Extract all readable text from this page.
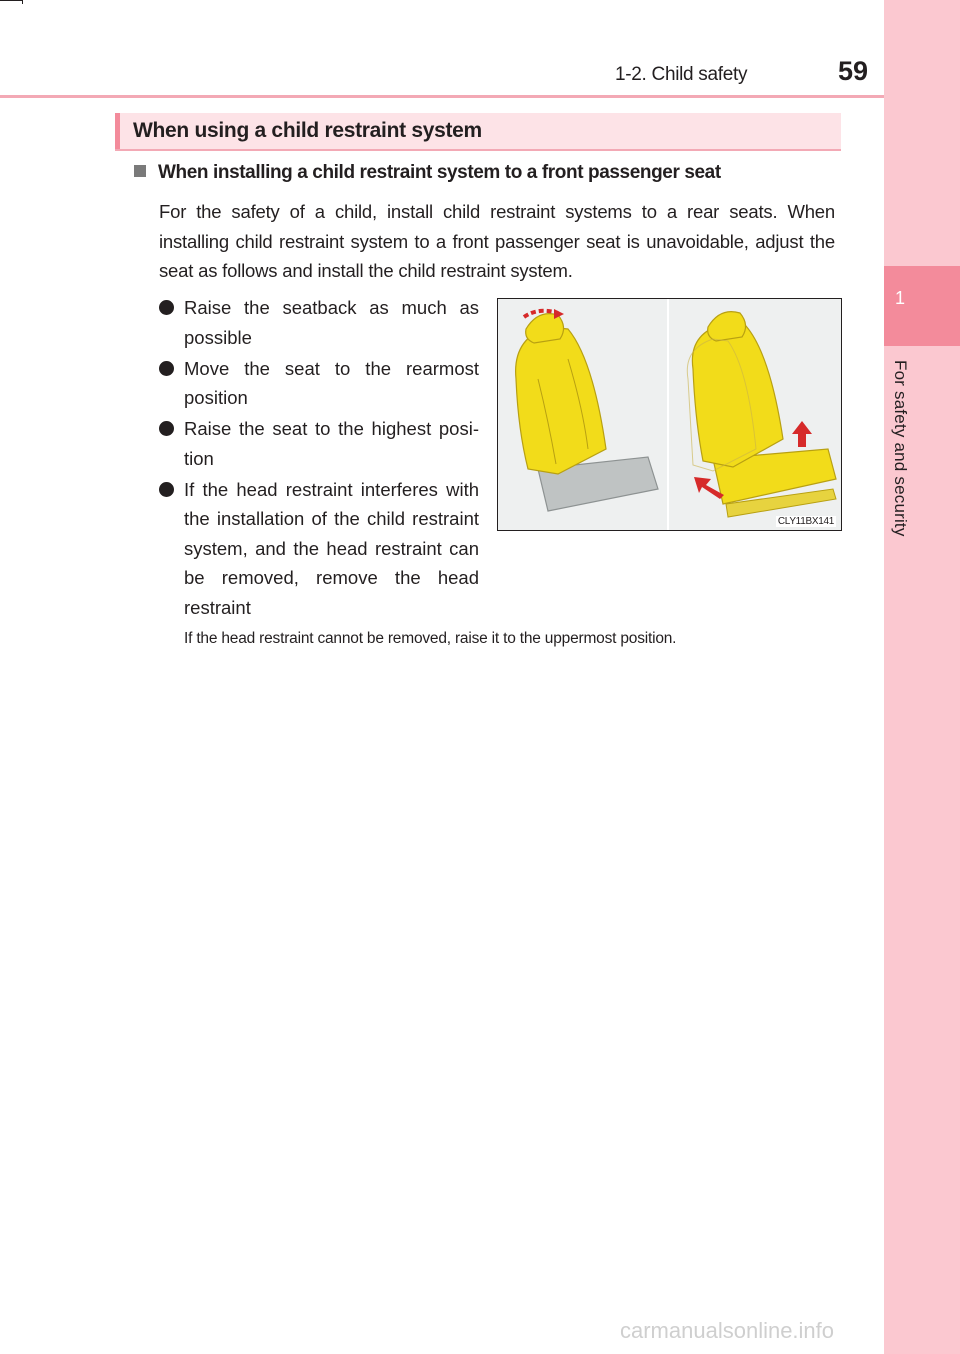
1-2. Child safety	59
1
For safety and security
When using a child restraint system
When installing a child restraint system to a front passenger seat

For the safety of a child, install child restraint systems to a rear seats. When installing child restraint system to a front passenger seat is unavoidable, adjust the seat as follows and install the child restraint system.

Raise the seatback as much as possible
Move the seat to the rearmost position
Raise the seat to the highest posi-tion
If the head restraint interferes with the installation of the child restraint system, and the head restraint can be removed, remove the head restraint
If the head restraint cannot be removed, raise it to the uppermost position.
CLY11BX141
carmanualsonline.info
